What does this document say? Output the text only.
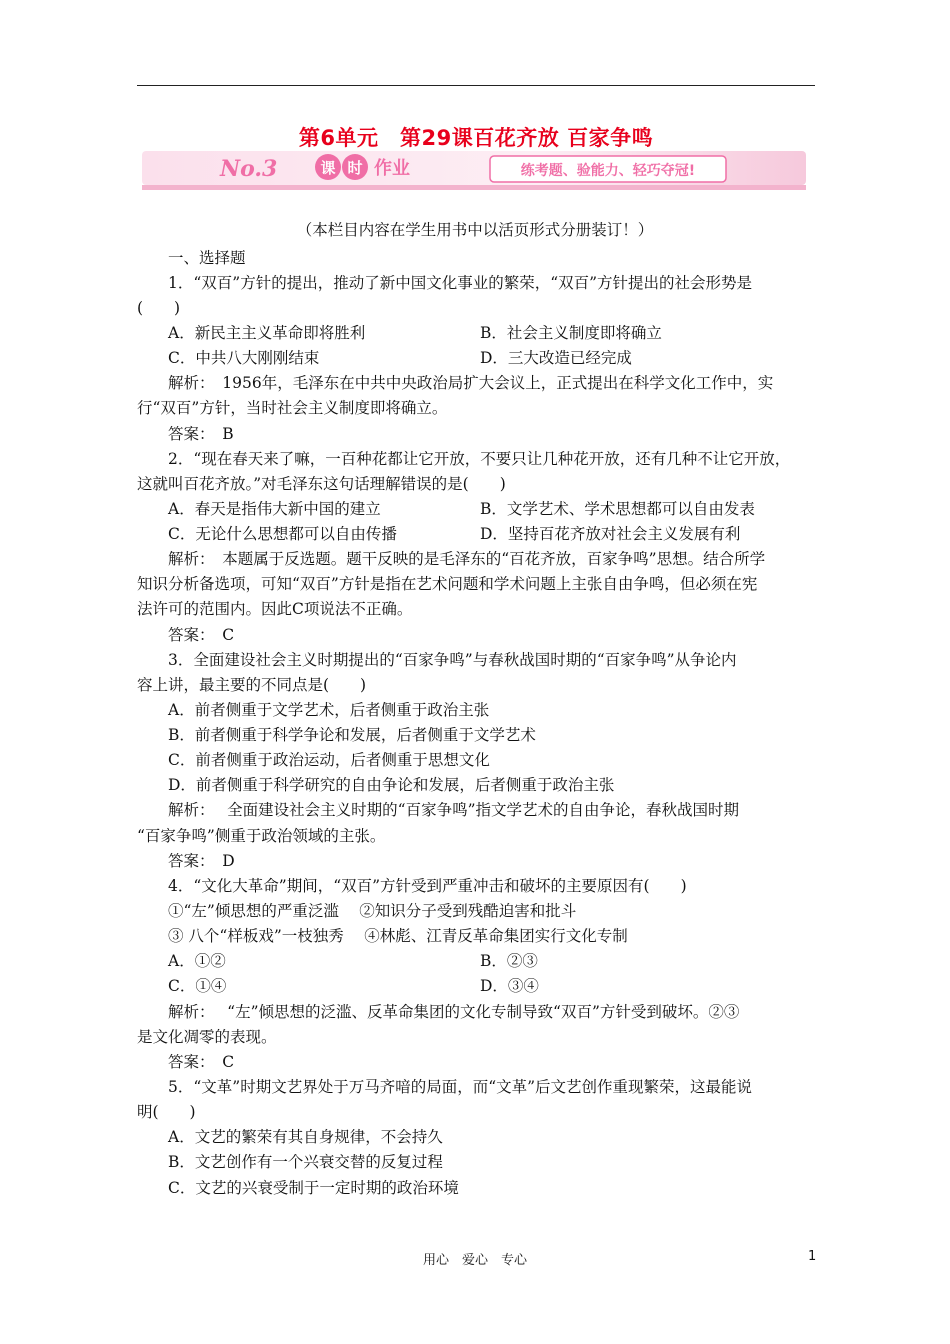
第6单元　第29课百花齐放 百家争鸣
No.3	课 时 作业	练考题、验能力、轻巧夺冠!
（本栏目内容在学生用书中以活页形式分册装订！）
一、选择题
1．“双百”方针的提出，推动了新中国文化事业的繁荣，“双百”方针提出的社会形势是
(　　)
A．新民主主义革命即将胜利	B．社会主义制度即将确立
C．中共八大刚刚结束	D．三大改造已经完成
解析：　1956年，毛泽东在中共中央政治局扩大会议上，正式提出在科学文化工作中，实
行“双百”方针，当时社会主义制度即将确立。
答案：　B
2．“现在春天来了嘛，一百种花都让它开放，不要只让几种花开放，还有几种不让它开放，
这就叫百花齐放。”对毛泽东这句话理解错误的是(　　)
A．春天是指伟大新中国的建立	B．文学艺术、学术思想都可以自由发表
C．无论什么思想都可以自由传播	D．坚持百花齐放对社会主义发展有利
解析：　本题属于反选题。题干反映的是毛泽东的“百花齐放，百家争鸣”思想。结合所学
知识分析备选项，可知“双百”方针是指在艺术问题和学术问题上主张自由争鸣，但必须在宪
法许可的范围内。因此C项说法不正确。
答案：　C
3．全面建设社会主义时期提出的“百家争鸣”与春秋战国时期的“百家争鸣”从争论内
容上讲，最主要的不同点是(　　)
A．前者侧重于文学艺术，后者侧重于政治主张
B．前者侧重于科学争论和发展，后者侧重于文学艺术
C．前者侧重于政治运动，后者侧重于思想文化
D．前者侧重于科学研究的自由争论和发展，后者侧重于政治主张
解析：　 全面建设社会主义时期的“百家争鸣”指文学艺术的自由争论，春秋战国时期
“百家争鸣”侧重于政治领域的主张。
答案：　D
4．“文化大革命”期间，“双百”方针受到严重冲击和破坏的主要原因有(　　)
①“左”倾思想的严重泛滥　 ②知识分子受到残酷迫害和批斗
③ 八个“样板戏”一枝独秀　 ④林彪、江青反革命集团实行文化专制
A．①②	B．②③
C．①④	D．③④
解析：　 “左”倾思想的泛滥、反革命集团的文化专制导致“双百”方针受到破坏。②③
是文化凋零的表现。
答案：　C
5．“文革”时期文艺界处于万马齐喑的局面，而“文革”后文艺创作重现繁荣，这最能说
明(　　)
A．文艺的繁荣有其自身规律，不会持久
B．文艺创作有一个兴衰交替的反复过程
C．文艺的兴衰受制于一定时期的政治环境
用心　爱心　专心	1
